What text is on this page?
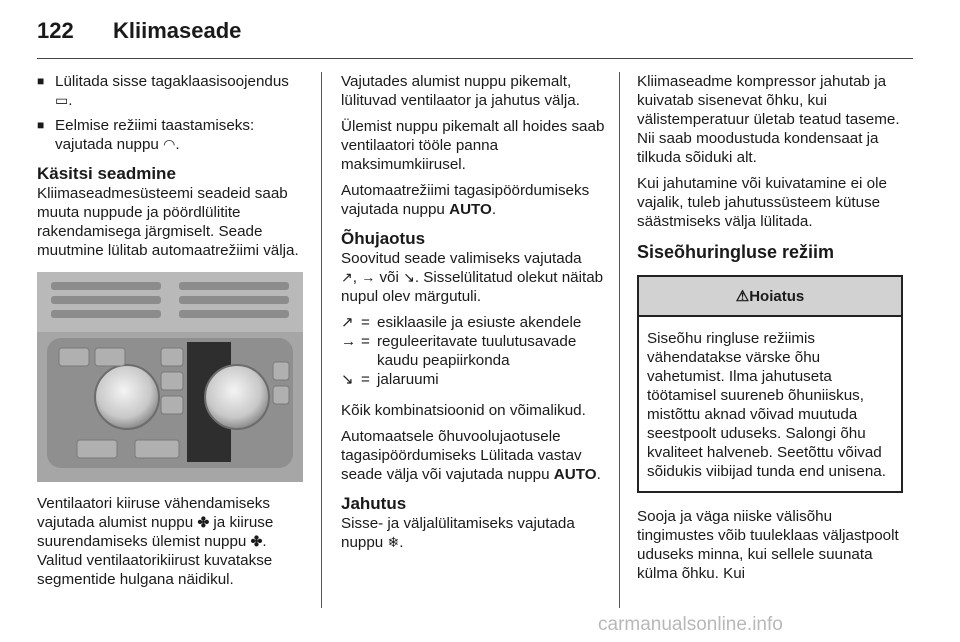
122 Kliimaseade
■ Lülitada sisse tagaklaasisoojendus
▭.
■ Eelmise režiimi taastamiseks: vajutada nuppu ◠.
Käsitsi seadmine

Kliimaseadmesüsteemi seadeid saab muuta nuppude ja pöördlülitite rakendamisega järgmiselt. Seade muutmine lülitab automaatrežiimi välja.

Ventilaatori kiiruse vähendamiseks vajutada alumist nuppu ✤ ja kiiruse suurendamiseks ülemist nuppu ✤. Valitud ventilaatorikiirust kuvatakse segmentide hulgana näidikul.

Vajutades alumist nuppu pikemalt, lülituvad ventilaator ja jahutus välja.

Ülemist nuppu pikemalt all hoides saab ventilaatori tööle panna maksimumkiirusel.

Automaatrežiimi tagasipöördumiseks vajutada nuppu AUTO.

Õhujaotus

Soovitud seade valimiseks vajutada
↗, → või ↘. Sisselülitatud olekut näitab nupul olev märgutuli.

↗ = esiklaasile ja esiuste akendele
→ = reguleeritavate tuulutusavade kaudu peapiirkonda
↘ = jalaruumi

Kõik kombinatsioonid on võimalikud.

Automaatsele õhuvoolujaotusele tagasipöördumiseks Lülitada vastav seade välja või vajutada nuppu AUTO.

Jahutus

Sisse- ja väljalülitamiseks vajutada nuppu ❄.

Kliimaseadme kompressor jahutab ja kuivatab sisenevat õhku, kui välistemperatuur ületab teatud taseme. Nii saab moodustuda kondensaat ja tilkuda sõiduki alt.

Kui jahutamine või kuivatamine ei ole vajalik, tuleb jahutussüsteem kütuse säästmiseks välja lülitada.

Siseõhuringluse režiim
⚠ Hoiatus
Siseõhu ringluse režiimis vähendatakse värske õhu vahetumist. Ilma jahutuseta töötamisel suureneb õhuniiskus, mistõttu aknad võivad muutuda seestpoolt uduseks. Salongi õhu kvaliteet halveneb. Seetõttu võivad sõidukis viibijad tunda end unisena.

Sooja ja väga niiske välisõhu tingimustes võib tuuleklaas väljastpoolt uduseks minna, kui sellele suunata külma õhku. Kui

carmanualsonline.info
